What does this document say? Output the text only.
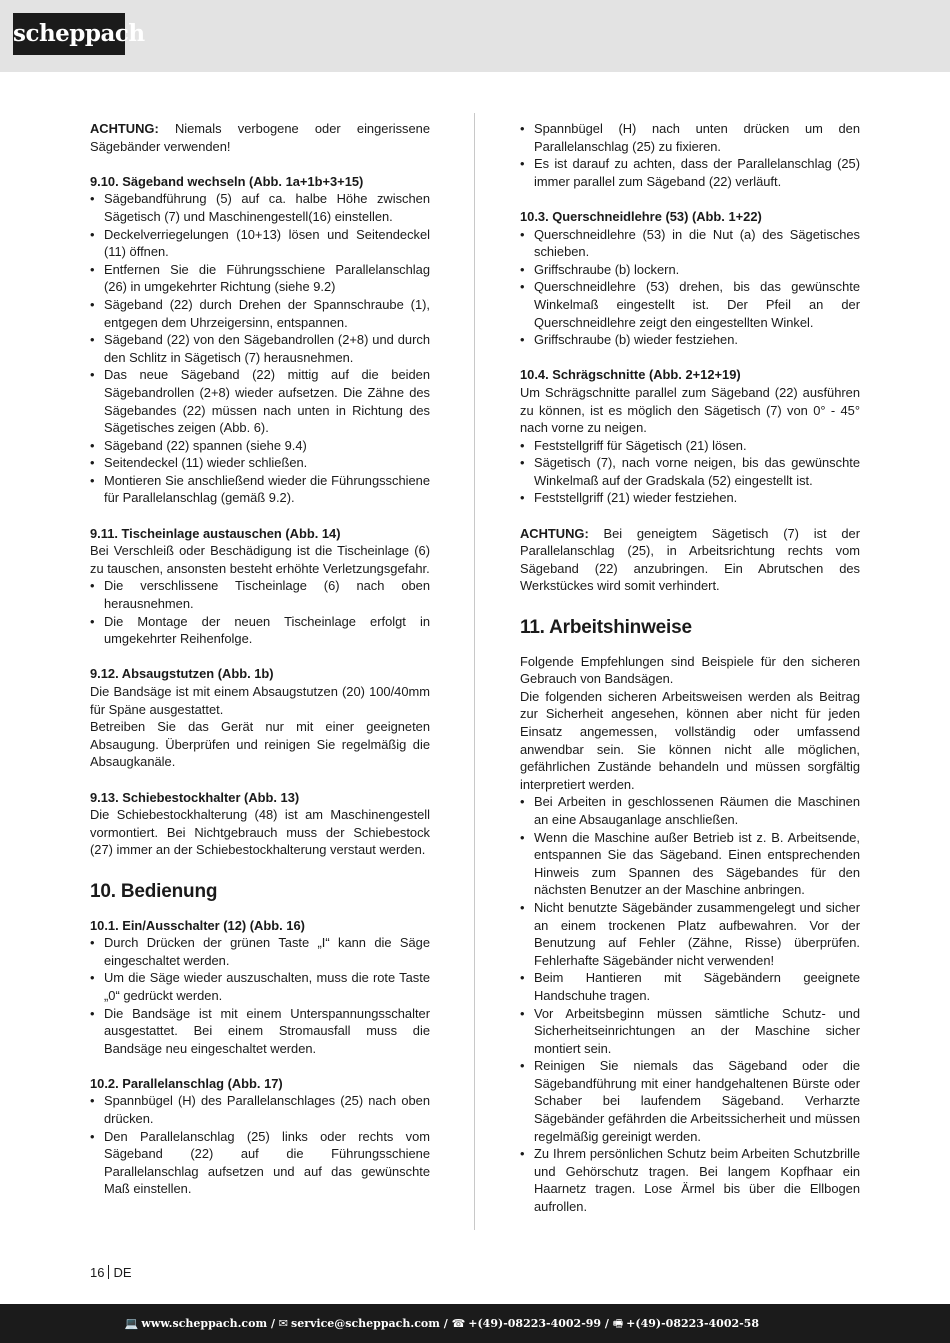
scheppach

ACHTUNG: Niemals verbogene oder eingerissene Sägebänder verwenden!

9.10. Sägeband wechseln (Abb. 1a+1b+3+15)
• Sägebandführung (5) auf ca. halbe Höhe zwischen Sägetisch (7) und Maschinengestell(16) einstellen.
• Deckelverriegelungen (10+13) lösen und Seitendeckel (11) öffnen.
• Entfernen Sie die Führungsschiene Parallelanschlag (26) in umgekehrter Richtung (siehe 9.2)
• Sägeband (22) durch Drehen der Spannschraube (1), entgegen dem Uhrzeigersinn, entspannen.
• Sägeband (22) von den Sägebandrollen (2+8) und durch den Schlitz in Sägetisch (7) herausnehmen.
• Das neue Sägeband (22) mittig auf die beiden Sägebandrollen (2+8) wieder aufsetzen. Die Zähne des Sägebandes (22) müssen nach unten in Richtung des Sägetisches zeigen (Abb. 6).
• Sägeband (22) spannen (siehe 9.4)
• Seitendeckel (11) wieder schließen.
• Montieren Sie anschließend wieder die Führungsschiene für Parallelanschlag (gemäß 9.2).
9.11. Tischeinlage austauschen (Abb. 14)

Bei Verschleiß oder Beschädigung ist die Tischeinlage (6) zu tauschen, ansonsten besteht erhöhte Verletzungsgefahr.

• Die verschlissene Tischeinlage (6) nach oben herausnehmen.
• Die Montage der neuen Tischeinlage erfolgt in umgekehrter Reihenfolge.
9.12. Absaugstutzen (Abb. 1b)

Die Bandsäge ist mit einem Absaugstutzen (20) 100/40mm für Späne ausgestattet.

Betreiben Sie das Gerät nur mit einer geeigneten Absaugung. Überprüfen und reinigen Sie regelmäßig die Absaugkanäle.

9.13. Schiebestockhalter (Abb. 13)

Die Schiebestockhalterung (48) ist am Maschinengestell vormontiert. Bei Nichtgebrauch muss der Schiebestock (27) immer an der Schiebestockhalterung verstaut werden.

10. Bedienung
10.1. Ein/Ausschalter (12) (Abb. 16)
• Durch Drücken der grünen Taste „I“ kann die Säge eingeschaltet werden.
• Um die Säge wieder auszuschalten, muss die rote Taste „0“ gedrückt werden.
• Die Bandsäge ist mit einem Unterspannungsschalter ausgestattet. Bei einem Stromausfall muss die Bandsäge neu eingeschaltet werden.
10.2. Parallelanschlag (Abb. 17)
• Spannbügel (H) des Parallelanschlages (25) nach oben drücken.
• Den Parallelanschlag (25) links oder rechts vom Sägeband (22) auf die Führungsschiene Parallelanschlag aufsetzen und auf das gewünschte Maß einstellen.
• Spannbügel (H) nach unten drücken um den Parallelanschlag (25) zu fixieren.
• Es ist darauf zu achten, dass der Parallelanschlag (25) immer parallel zum Sägeband (22) verläuft.
10.3. Querschneidlehre (53) (Abb. 1+22)
• Querschneidlehre (53) in die Nut (a) des Sägetisches schieben.
• Griffschraube (b) lockern.
• Querschneidlehre (53) drehen, bis das gewünschte Winkelmaß eingestellt ist. Der Pfeil an der Querschneidlehre zeigt den eingestellten Winkel.
• Griffschraube (b) wieder festziehen.
10.4. Schrägschnitte (Abb. 2+12+19)

Um Schrägschnitte parallel zum Sägeband (22) ausführen zu können, ist es möglich den Sägetisch (7) von 0° - 45° nach vorne zu neigen.

• Feststellgriff für Sägetisch (21) lösen.
• Sägetisch (7), nach vorne neigen, bis das gewünschte Winkelmaß auf der Gradskala (52) eingestellt ist.
• Feststellgriff (21) wieder festziehen.

ACHTUNG: Bei geneigtem Sägetisch (7) ist der Parallelanschlag (25), in Arbeitsrichtung rechts vom Sägeband (22) anzubringen. Ein Abrutschen des Werkstückes wird somit verhindert.

11. Arbeitshinweise

Folgende Empfehlungen sind Beispiele für den sicheren Gebrauch von Bandsägen.

Die folgenden sicheren Arbeitsweisen werden als Beitrag zur Sicherheit angesehen, können aber nicht für jeden Einsatz angemessen, vollständig oder umfassend anwendbar sein. Sie können nicht alle möglichen, gefährlichen Zustände behandeln und müssen sorgfältig interpretiert werden.

• Bei Arbeiten in geschlossenen Räumen die Maschinen an eine Absauganlage anschließen.
• Wenn die Maschine außer Betrieb ist z. B. Arbeitsende, entspannen Sie das Sägeband. Einen entsprechenden Hinweis zum Spannen des Sägebandes für den nächsten Benutzer an der Maschine anbringen.
• Nicht benutzte Sägebänder zusammengelegt und sicher an einem trockenen Platz aufbewahren. Vor der Benutzung auf Fehler (Zähne, Risse) überprüfen. Fehlerhafte Sägebänder nicht verwenden!
• Beim Hantieren mit Sägebändern geeignete Handschuhe tragen.
• Vor Arbeitsbeginn müssen sämtliche Schutz- und Sicherheitseinrichtungen an der Maschine sicher montiert sein.
• Reinigen Sie niemals das Sägeband oder die Sägebandführung mit einer handgehaltenen Bürste oder Schaber bei laufendem Sägeband. Verharzte Sägebänder gefährden die Arbeitssicherheit und müssen regelmäßig gereinigt werden.
• Zu Ihrem persönlichen Schutz beim Arbeiten Schutzbrille und Gehörschutz tragen. Bei langem Kopfhaar ein Haarnetz tragen. Lose Ärmel bis über die Ellbogen aufrollen.
16 DE
💻 www.scheppach.com / ✉ service@scheppach.com / ☎ +(49)-08223-4002-99 / 🖷 +(49)-08223-4002-58
